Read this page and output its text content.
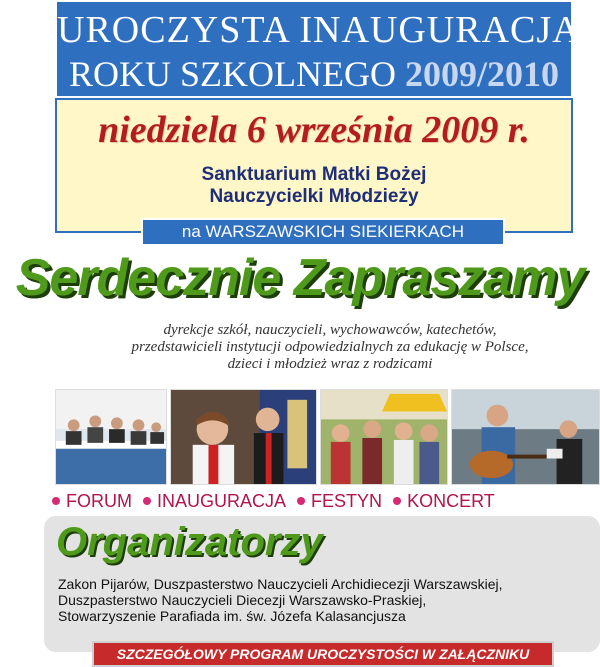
UROCZYSTA INAUGURACJA
ROKU SZKOLNEGO 2009/2010
niedziela 6 września 2009 r.
Sanktuarium Matki Bożej
Nauczycielki Młodzieży
na WARSZAWSKICH SIEKIERKACH
Serdecznie Zapraszamy
dyrekcje szkół, nauczycieli, wychowawców, katechetów,
przedstawicieli instytucji odpowiedzialnych za edukację w Polsce,
dzieci i młodzież wraz z rodzicami
FORUM
INAUGURACJA
FESTYN
KONCERT
Organizatorzy
Zakon Pijarów, Duszpasterstwo Nauczycieli Archidiecezji Warszawskiej,
Duszpasterstwo Nauczycieli Diecezji Warszawsko-Praskiej,
Stowarzyszenie Parafiada im. św. Józefa Kalasancjusza
SZCZEGÓŁOWY PROGRAM UROCZYSTOŚCI W ZAŁĄCZNIKU
